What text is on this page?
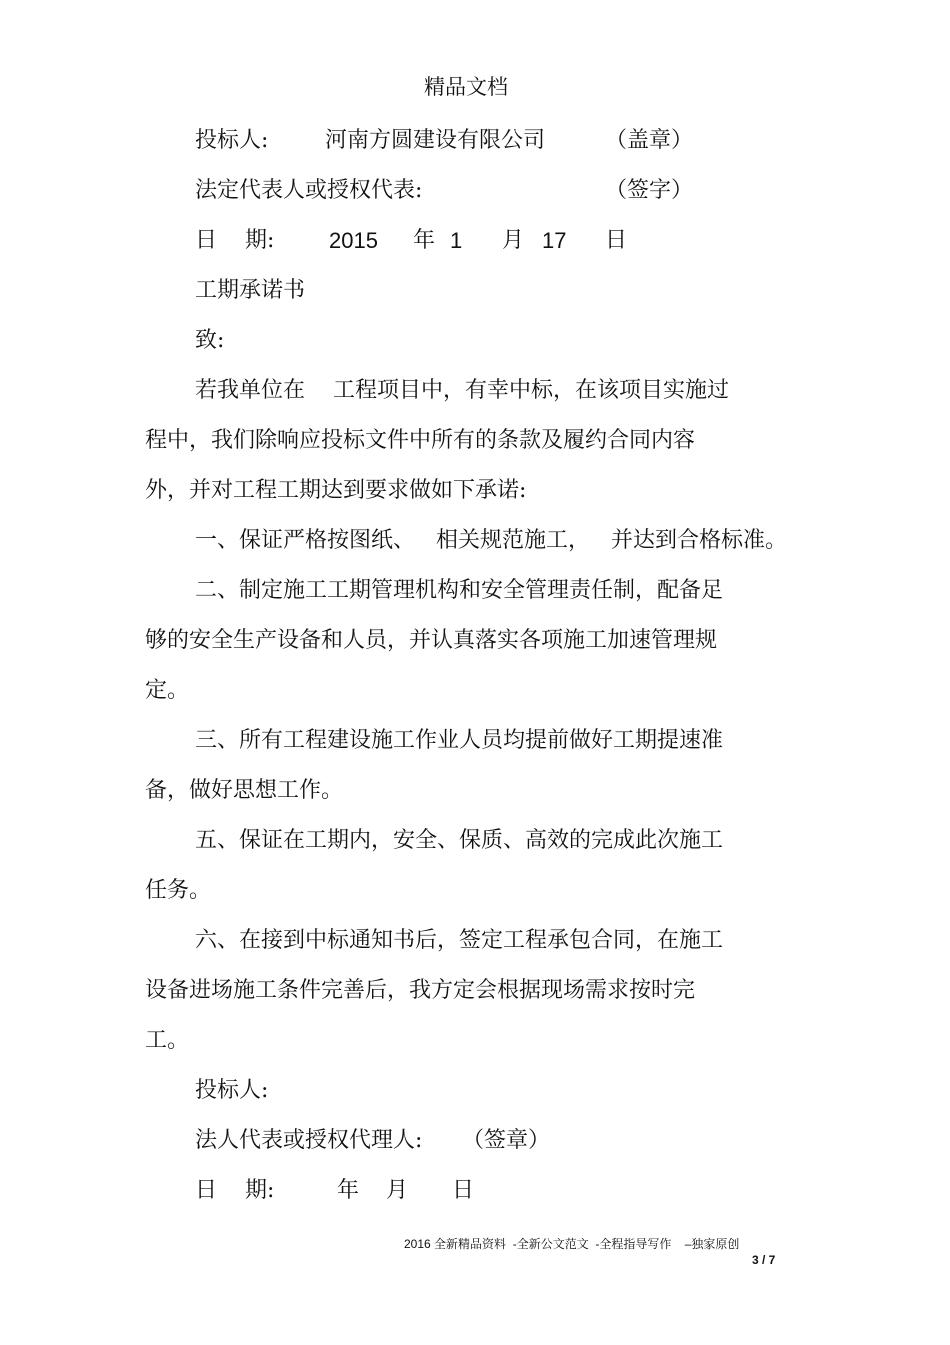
精品文档
投标人:	河南方圆建设有限公司	（盖章）
法定代表人或授权代表:	（签字）
日 期: 2015 年 1 月 17 日
工期承诺书
致:
若我单位在    工程项目中，有幸中标，在该项目实施过
程中，我们除响应投标文件中所有的条款及履约合同内容
外，并对工程工期达到要求做如下承诺:
一、保证严格按图纸、   相关规范施工，   并达到合格标准。
二、制定施工工期管理机构和安全管理责任制，配备足
够的安全生产设备和人员，并认真落实各项施工加速管理规
定。
三、所有工程建设施工作业人员均提前做好工期提速准
备，做好思想工作。
五、保证在工期内，安全、保质、高效的完成此次施工
任务。
六、在接到中标通知书后，签定工程承包合同，在施工
设备进场施工条件完善后，我方定会根据现场需求按时完
工。
投标人:
法人代表或授权代理人: （签章）
日 期:	年 月 日
2016 全新精品资料  -全新公文范文  -全程指导写作    –独家原创
3 / 7
